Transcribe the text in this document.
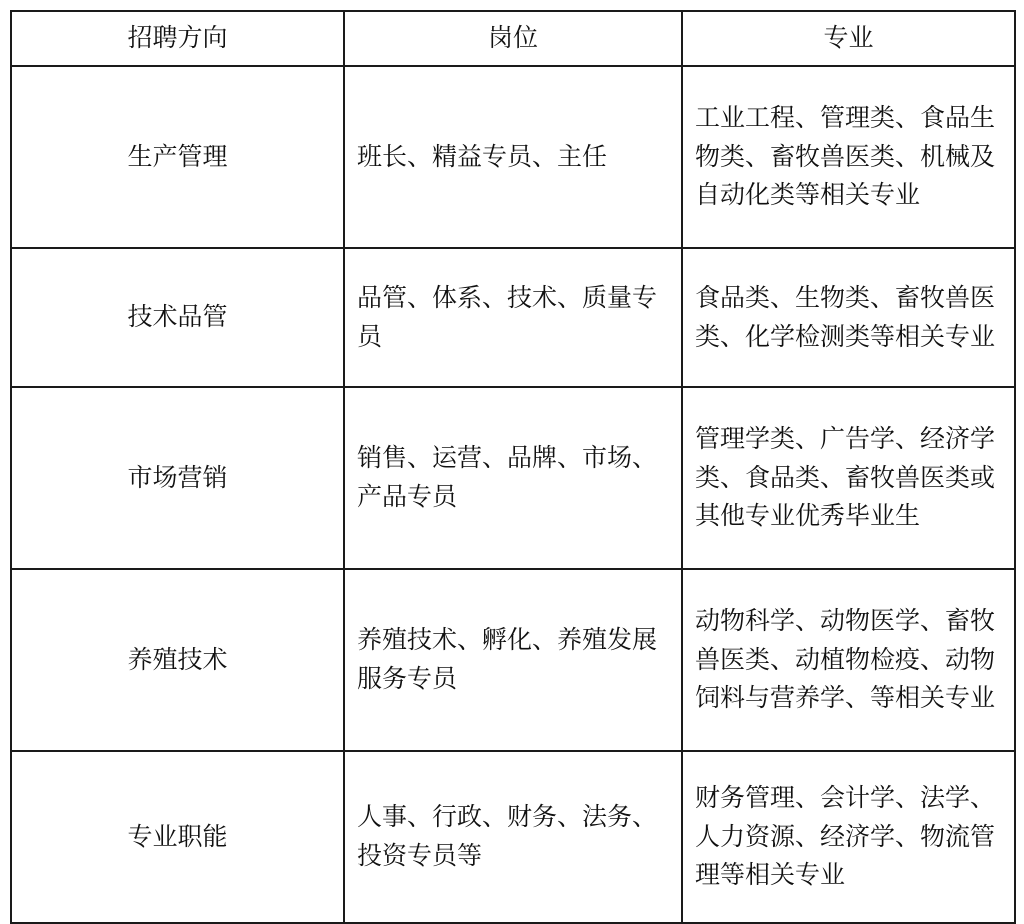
招聘方向	岗位	专业
生产管理	班长、精益专员、主任	工业工程、管理类、食品生物类、畜牧兽医类、机械及自动化类等相关专业
技术品管	品管、体系、技术、质量专员	食品类、生物类、畜牧兽医类、化学检测类等相关专业
市场营销	销售、运营、品牌、市场、产品专员	管理学类、广告学、经济学类、食品类、畜牧兽医类或其他专业优秀毕业生
养殖技术	养殖技术、孵化、养殖发展服务专员	动物科学、动物医学、畜牧兽医类、动植物检疫、动物饲料与营养学、等相关专业
专业职能	人事、行政、财务、法务、投资专员等	财务管理、会计学、法学、人力资源、经济学、物流管理等相关专业
